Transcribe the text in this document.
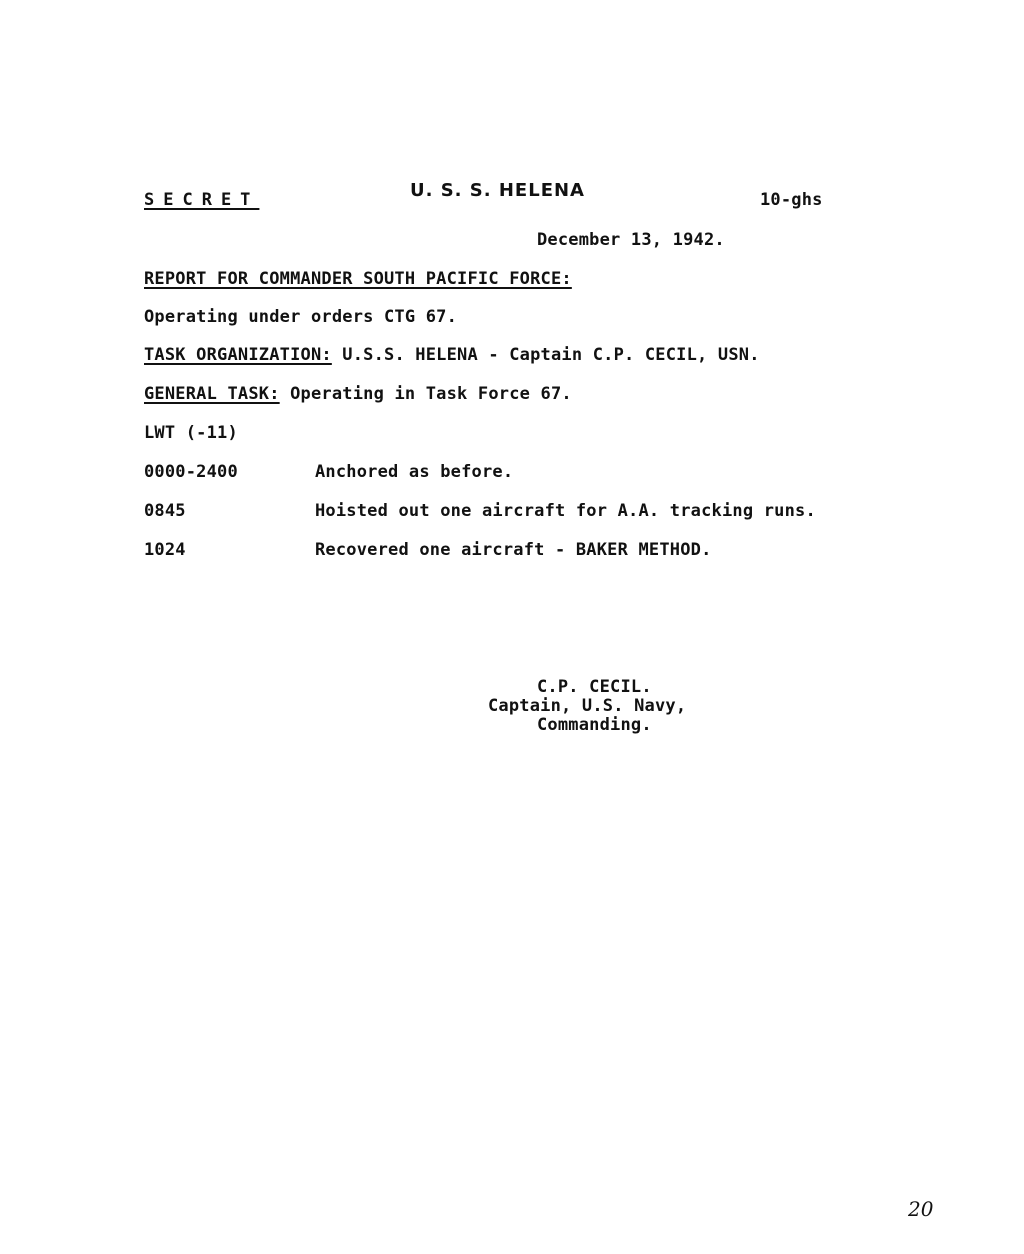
SECRET	U. S. S. HELENA	10-ghs
December 13, 1942.
REPORT FOR COMMANDER SOUTH PACIFIC FORCE:
Operating under orders CTG 67.
TASK ORGANIZATION: U.S.S. HELENA - Captain C.P. CECIL, USN.
GENERAL TASK: Operating in Task Force 67.
LWT (-11)
0000-2400	Anchored as before.
0845	Hoisted out one aircraft for A.A. tracking runs.
1024	Recovered one aircraft - BAKER METHOD.
C.P. CECIL.
Captain, U.S. Navy,
Commanding.
20
